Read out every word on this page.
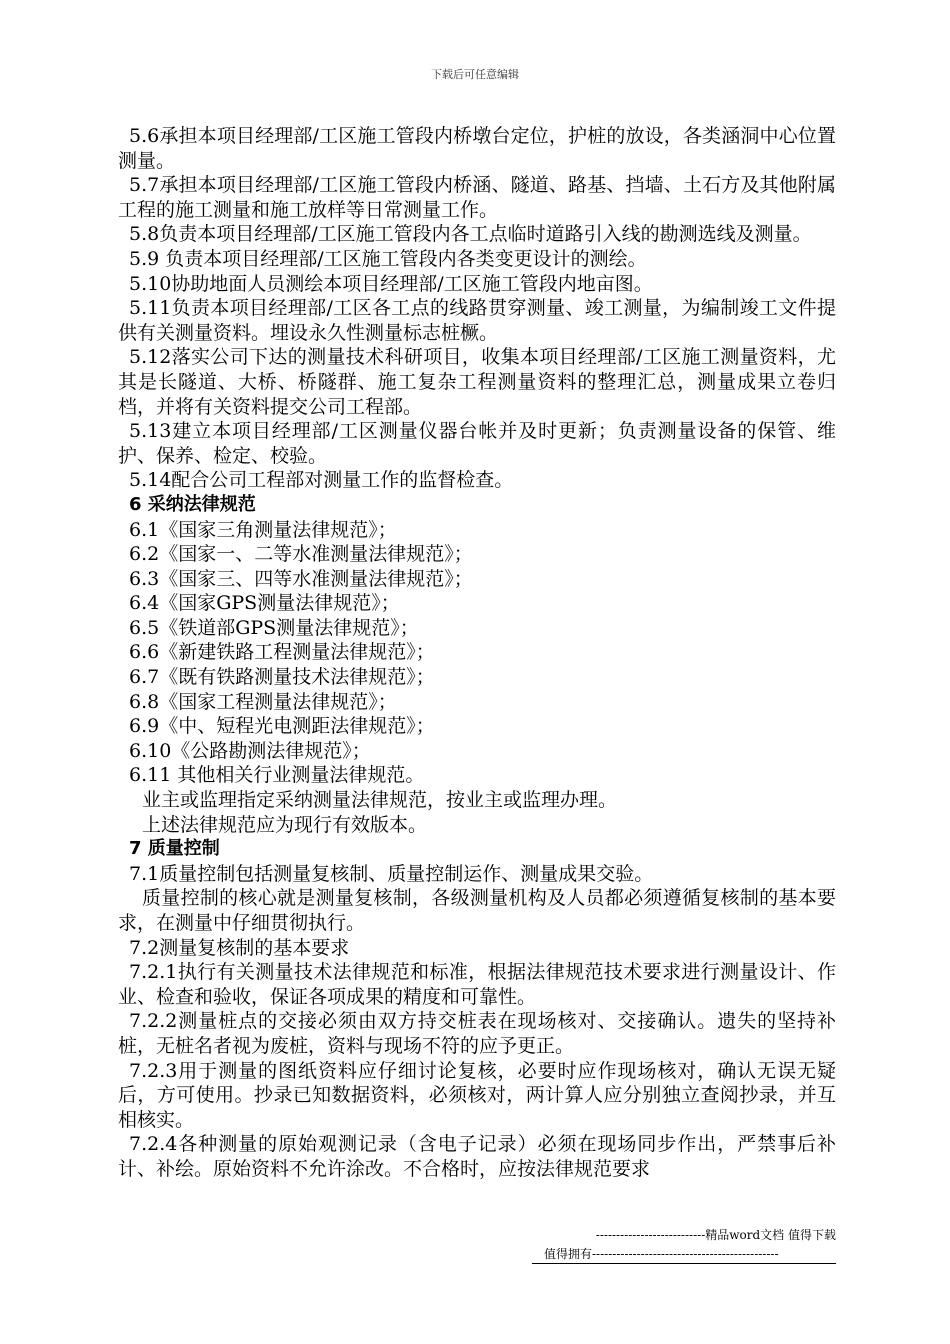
下载后可任意编辑

5.6承担本项目经理部/工区施工管段内桥墩台定位，护桩的放设，各类涵洞中心位置测量。

5.7承担本项目经理部/工区施工管段内桥涵、隧道、路基、挡墙、土石方及其他附属工程的施工测量和施工放样等日常测量工作。

5.8负责本项目经理部/工区施工管段内各工点临时道路引入线的勘测选线及测量。

5.9 负责本项目经理部/工区施工管段内各类变更设计的测绘。

5.10协助地面人员测绘本项目经理部/工区施工管段内地亩图。

5.11负责本项目经理部/工区各工点的线路贯穿测量、竣工测量，为编制竣工文件提供有关测量资料。埋设永久性测量标志桩橛。

5.12落实公司下达的测量技术科研项目，收集本项目经理部/工区施工测量资料，尤其是长隧道、大桥、桥隧群、施工复杂工程测量资料的整理汇总，测量成果立卷归档，并将有关资料提交公司工程部。

5.13建立本项目经理部/工区测量仪器台帐并及时更新；负责测量设备的保管、维护、保养、检定、校验。

5.14配合公司工程部对测量工作的监督检查。

6 采纳法律规范

6.1《国家三角测量法律规范》；

6.2《国家一、二等水准测量法律规范》；

6.3《国家三、四等水准测量法律规范》；

6.4《国家GPS测量法律规范》；

6.5《铁道部GPS测量法律规范》；

6.6《新建铁路工程测量法律规范》；

6.7《既有铁路测量技术法律规范》；

6.8《国家工程测量法律规范》；

6.9《中、短程光电测距法律规范》；

6.10《公路勘测法律规范》；

6.11 其他相关行业测量法律规范。

业主或监理指定采纳测量法律规范，按业主或监理办理。

上述法律规范应为现行有效版本。

7 质量控制

7.1质量控制包括测量复核制、质量控制运作、测量成果交验。

质量控制的核心就是测量复核制，各级测量机构及人员都必须遵循复核制的基本要求，在测量中仔细贯彻执行。

7.2测量复核制的基本要求

7.2.1执行有关测量技术法律规范和标准，根据法律规范技术要求进行测量设计、作业、检查和验收，保证各项成果的精度和可靠性。

7.2.2测量桩点的交接必须由双方持交桩表在现场核对、交接确认。遗失的坚持补桩，无桩名者视为废桩，资料与现场不符的应予更正。

7.2.3用于测量的图纸资料应仔细讨论复核，必要时应作现场核对，确认无误无疑后，方可使用。抄录已知数据资料，必须核对，两计算人应分别独立查阅抄录，并互相核实。

7.2.4各种测量的原始观测记录（含电子记录）必须在现场同步作出，严禁事后补计、补绘。原始资料不允许涂改。不合格时，应按法律规范要求

---------------------------精品word文档 值得下载
值得拥有----------------------------------------------
